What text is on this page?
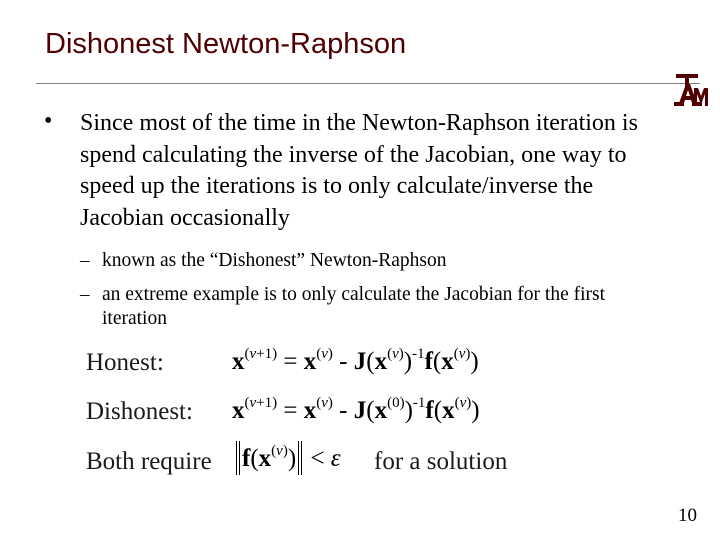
Dishonest Newton-Raphson
• Since most of the time in the Newton-Raphson iteration is spend calculating the inverse of the Jacobian, one way to speed up the iterations is to only calculate/inverse the Jacobian occasionally
– known as the “Dishonest” Newton-Raphson
– an extreme example is to only calculate the Jacobian for the first iteration
Honest:	$x^{(v+1)} = x^{(v)} - J(x^{(v)})^{-1}f(x^{(v)})$
Dishonest: $x^{(v+1)} = x^{(v)} - J(x^{(0)})^{-1}f(x^{(v)})$
Both require	$f(x^{(v)}) < \varepsilon$ for a solution
10
